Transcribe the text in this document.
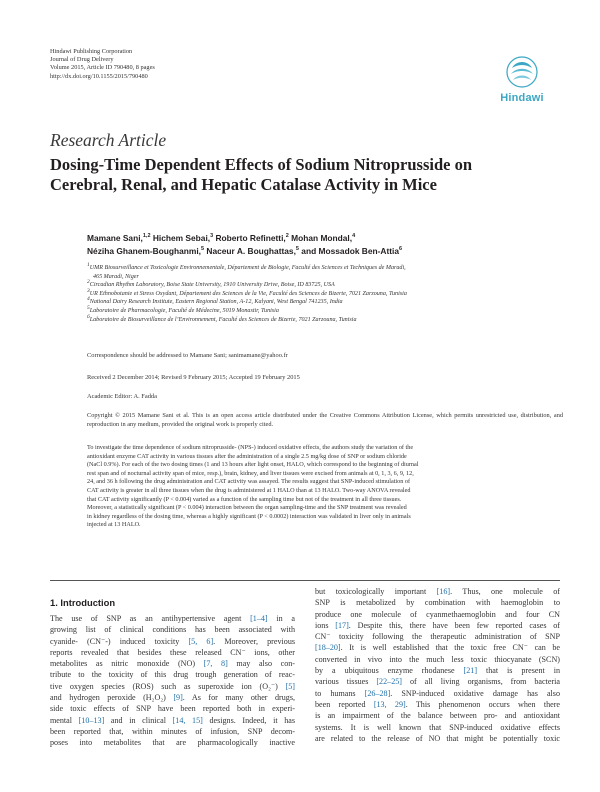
Hindawi Publishing Corporation
Journal of Drug Delivery
Volume 2015, Article ID 790480, 8 pages
http://dx.doi.org/10.1155/2015/790480
Hindawi
Research Article
Dosing-Time Dependent Effects of Sodium Nitroprusside on
Cerebral, Renal, and Hepatic Catalase Activity in Mice
Mamane Sani,$^{1,2}$ Hichem Sebai,$^3$ Roberto Refinetti,$^2$ Mohan Mondal,$^4$
Néziha Ghanem-Boughanmi,$^5$ Naceur A. Boughattas,$^5$ and Mossadok Ben-Attia$^6$
$^1$UMR Biosurveillance et Toxicologie Environnementale, Département de Biologie, Faculté des Sciences et Techniques de Maradi,
465 Maradi, Niger
$^2$Circadian Rhythm Laboratory, Boise State University, 1910 University Drive, Boise, ID 83725, USA
$^3$UR Ethnobotanie et Stress Oxydant, Département des Sciences de la Vie, Faculté des Sciences de Bizerte, 7021 Zarzouna, Tunisia
$^4$National Dairy Research Institute, Eastern Regional Station, A-12, Kalyani, West Bengal 741235, India
$^5$Laboratoire de Pharmacologie, Faculté de Médecine, 5019 Monastir, Tunisia
$^6$Laboratoire de Biosurveillance de l’Environnement, Faculté des Sciences de Bizerte, 7021 Zarzouna, Tunisia
Correspondence should be addressed to Mamane Sani; sanimamane@yahoo.fr
Received 2 December 2014; Revised 9 February 2015; Accepted 19 February 2015
Academic Editor: A. Fadda
Copyright © 2015 Mamane Sani et al. This is an open access article distributed under the Creative Commons Attribution License, which permits unrestricted use, distribution, and reproduction in any medium, provided the original work is properly cited.
To investigate the time dependence of sodium nitroprusside- (NPS-) induced oxidative effects, the authors study the variation of the
antioxidant enzyme CAT activity in various tissues after the administration of a single 2.5 mg/kg dose of SNP or sodium chloride
(NaCl 0.9%). For each of the two dosing times (1 and 13 hours after light onset, HALO, which correspond to the beginning of diurnal
rest span and of nocturnal activity span of mice, resp.), brain, kidney, and liver tissues were excised from animals at 0, 1, 3, 6, 9, 12,
24, and 36 h following the drug administration and CAT activity was assayed. The results suggest that SNP-induced stimulation of
CAT activity is greater in all three tissues when the drug is administered at 1 HALO than at 13 HALO. Two-way ANOVA revealed
that CAT activity significantly (P < 0.004) varied as a function of the sampling time but not of the treatment in all three tissues.
Moreover, a statistically significant (P < 0.004) interaction between the organ sampling-time and the SNP treatment was revealed
in kidney regardless of the dosing time, whereas a highly significant (P < 0.0002) interaction was validated in liver only in animals
injected at 13 HALO.
1. Introduction
The use of SNP as an antihypertensive agent [1–4] in a
growing list of clinical conditions has been associated with
cyanide- (CN⁻-) induced toxicity [5, 6]. Moreover, previous
reports revealed that besides these released CN⁻ ions, other
metabolites as nitric monoxide (NO) [7, 8] may also con-
tribute to the toxicity of this drug trough generation of reac-
tive oxygen species (ROS) such as superoxide ion (O₂⁻) [5]
and hydrogen peroxide (H₂O₂) [9]. As for many other drugs,
side toxic effects of SNP have been reported both in experi-
mental [10–13] and in clinical [14, 15] designs. Indeed, it has
been reported that, within minutes of infusion, SNP decom-
poses into metabolites that are pharmacologically inactive
but toxicologically important [16]. Thus, one molecule of
SNP is metabolized by combination with haemoglobin to
produce one molecule of cyanmethaemoglobin and four CN
ions [17]. Despite this, there have been few reported cases of
CN⁻ toxicity following the therapeutic administration of SNP
[18–20]. It is well established that the toxic free CN⁻ can be
converted in vivo into the much less toxic thiocyanate (SCN)
by a ubiquitous enzyme rhodanese [21] that is present in
various tissues [22–25] of all living organisms, from bacteria
to humans [26–28]. SNP-induced oxidative damage has also
been reported [13, 29]. This phenomenon occurs when there
is an impairment of the balance between pro- and antioxidant
systems. It is well known that SNP-induced oxidative effects
are related to the release of NO that might be potentially toxic
